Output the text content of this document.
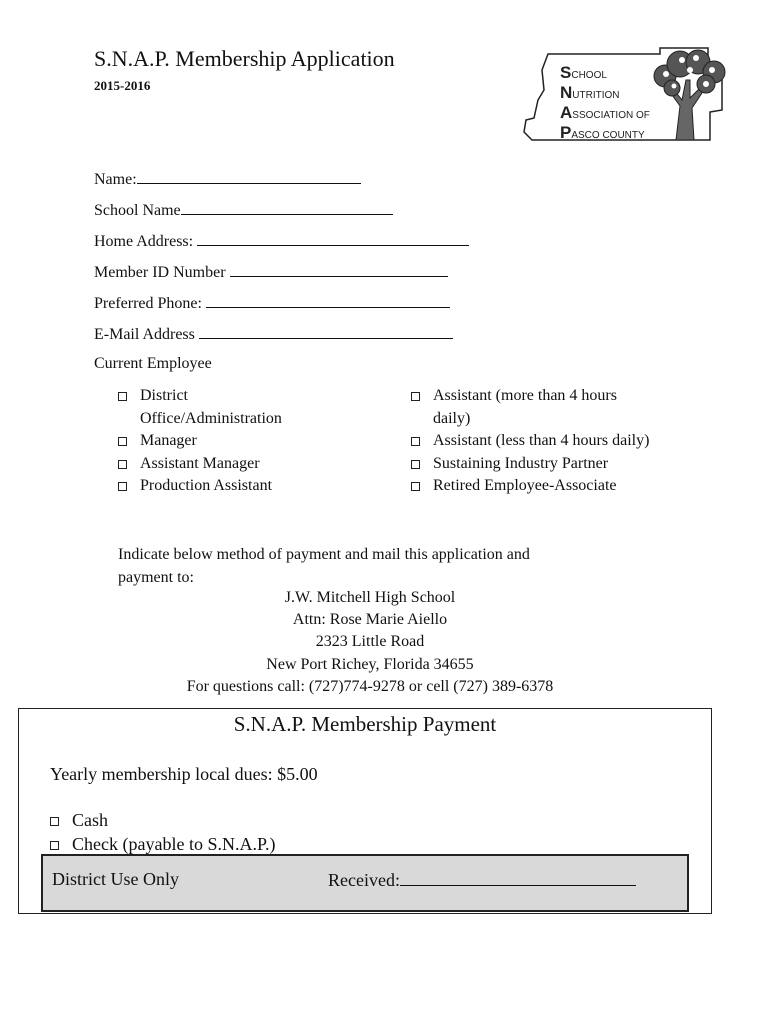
S.N.A.P. Membership Application
2015-2016
SCHOOL
NUTRITION
ASSOCIATION OF
PASCO COUNTY
Name:
School Name
Home Address:
Member ID Number
Preferred Phone:
E-Mail Address
Current Employee
District Office/Administration
Manager
Assistant Manager
Production Assistant
Assistant (more than 4 hours daily)
Assistant (less than 4 hours daily)
Sustaining Industry Partner
Retired Employee-Associate
Indicate below method of payment and mail this application and payment to:
J.W. Mitchell High School
Attn: Rose Marie Aiello
2323 Little Road
New Port Richey, Florida 34655
For questions call: (727)774-9278 or cell (727) 389-6378
S.N.A.P. Membership Payment
Yearly membership local dues: $5.00
Cash
Check (payable to S.N.A.P.)
District Use Only	Received:
